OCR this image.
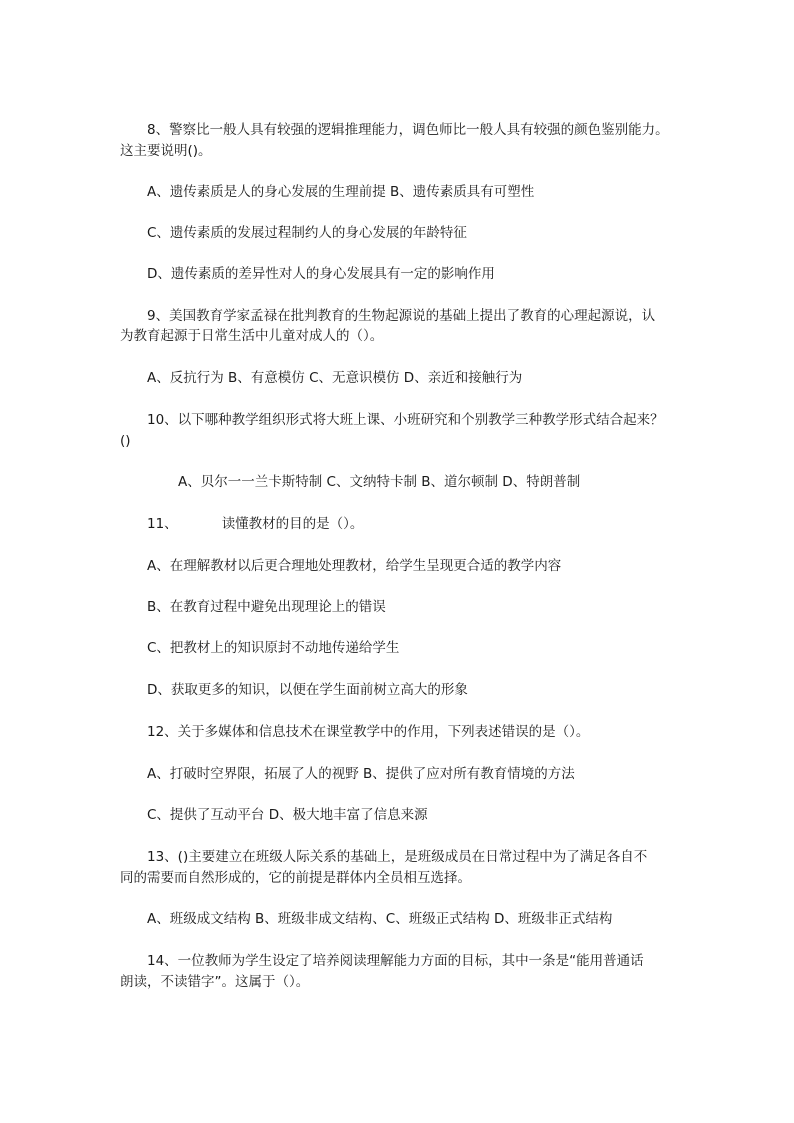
8、警察比一般人具有较强的逻辑推理能力，调色师比一般人具有较强的颜色鉴别能力。
这主要说明()。
A、遗传素质是人的身心发展的生理前提 B、遗传素质具有可塑性
C、遗传素质的发展过程制约人的身心发展的年龄特征
D、遗传素质的差异性对人的身心发展具有一定的影响作用
9、美国教育学家孟禄在批判教育的生物起源说的基础上提出了教育的心理起源说，认
为教育起源于日常生活中儿童对成人的（）。
A、反抗行为 B、有意模仿 C、无意识模仿 D、亲近和接触行为
10、以下哪种教学组织形式将大班上课、小班研究和个别教学三种教学形式结合起来？
()
A、贝尔一一兰卡斯特制 C、文纳特卡制 B、道尔顿制 D、特朗普制
11、	读懂教材的目的是（）。
A、在理解教材以后更合理地处理教材，给学生呈现更合适的教学内容
B、在教育过程中避免出现理论上的错误
C、把教材上的知识原封不动地传递给学生
D、获取更多的知识，以便在学生面前树立高大的形象
12、关于多媒体和信息技术在课堂教学中的作用，下列表述错误的是（）。
A、打破时空界限，拓展了人的视野 B、提供了应对所有教育情境的方法
C、提供了互动平台 D、极大地丰富了信息来源
13、()主要建立在班级人际关系的基础上，是班级成员在日常过程中为了满足各自不
同的需要而自然形成的，它的前提是群体内全员相互选择。
A、班级成文结构 B、班级非成文结构、C、班级正式结构 D、班级非正式结构
14、一位教师为学生设定了培养阅读理解能力方面的目标，其中一条是“能用普通话
朗读，不读错字”。这属于（）。
